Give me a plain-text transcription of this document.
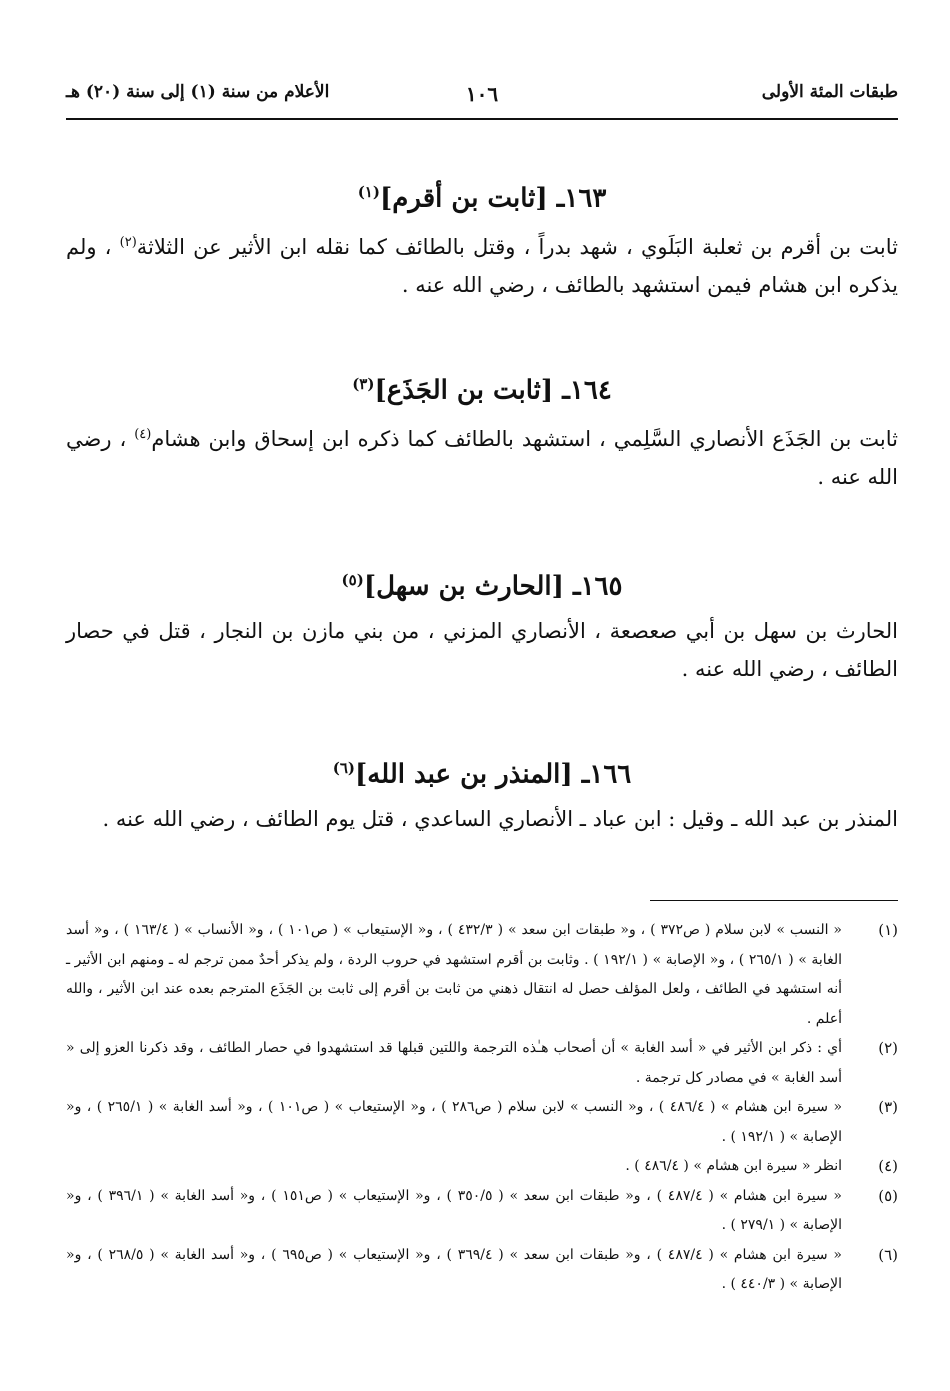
طبقات المئة الأولى
١٠٦
الأعلام من سنة (١) إلى سنة (٢٠) هـ
١٦٣ـ [ثابت بن أقرم]$^{(١)}$
ثابت بن أقرم بن ثعلبة البَلَوي ، شهد بدراً ، وقتل بالطائف كما نقله ابن الأثير عن الثلاثة$^{(٢)}$ ، ولم يذكره ابن هشام فيمن استشهد بالطائف ، رضي الله عنه .
١٦٤ـ [ثابت بن الجَذَع]$^{(٣)}$
ثابت بن الجَذَع الأنصاري السَّلِمي ، استشهد بالطائف كما ذكره ابن إسحاق وابن هشام$^{(٤)}$ ، رضي الله عنه .
١٦٥ـ [الحارث بن سهل]$^{(٥)}$
الحارث بن سهل بن أبي صعصعة ، الأنصاري المزني ، من بني مازن بن النجار ، قتل في حصار الطائف ، رضي الله عنه .
١٦٦ـ [المنذر بن عبد الله]$^{(٦)}$
المنذر بن عبد الله ـ وقيل : ابن عباد ـ الأنصاري الساعدي ، قتل يوم الطائف ، رضي الله عنه .
(١)
« النسب » لابن سلام ( ص٣٧٢ ) ، و« طبقات ابن سعد » ( ٤٣٢/٣ ) ، و« الإستيعاب » ( ص١٠١ ) ، و« الأنساب » ( ١٦٣/٤ ) ، و« أسد الغابة » ( ٢٦٥/١ ) ، و« الإصابة » ( ١٩٢/١ ) . وثابت بن أقرم استشهد في حروب الردة ، ولم يذكر أحدٌ ممن ترجم له ـ ومنهم ابن الأثير ـ أنه استشهد في الطائف ، ولعل المؤلف حصل له انتقال ذهني من ثابت بن أقرم إلى ثابت بن الجَذَع المترجم بعده عند ابن الأثير ، والله أعلم .
(٢)
أي : ذكر ابن الأثير في « أسد الغابة » أن أصحاب هـٰذه الترجمة واللتين قبلها قد استشهدوا في حصار الطائف ، وقد ذكرنا العزو إلى « أسد الغابة » في مصادر كل ترجمة .
(٣)
« سيرة ابن هشام » ( ٤٨٦/٤ ) ، و« النسب » لابن سلام ( ص٢٨٦ ) ، و« الإستيعاب » ( ص١٠١ ) ، و« أسد الغابة » ( ٢٦٥/١ ) ، و« الإصابة » ( ١٩٢/١ ) .
(٤)
انظر « سيرة ابن هشام » ( ٤٨٦/٤ ) .
(٥)
« سيرة ابن هشام » ( ٤٨٧/٤ ) ، و« طبقات ابن سعد » ( ٣٥٠/٥ ) ، و« الإستيعاب » ( ص١٥١ ) ، و« أسد الغابة » ( ٣٩٦/١ ) ، و« الإصابة » ( ٢٧٩/١ ) .
(٦)
« سيرة ابن هشام » ( ٤٨٧/٤ ) ، و« طبقات ابن سعد » ( ٣٦٩/٤ ) ، و« الإستيعاب » ( ص٦٩٥ ) ، و« أسد الغابة » ( ٢٦٨/٥ ) ، و« الإصابة » ( ٤٤٠/٣ ) .
